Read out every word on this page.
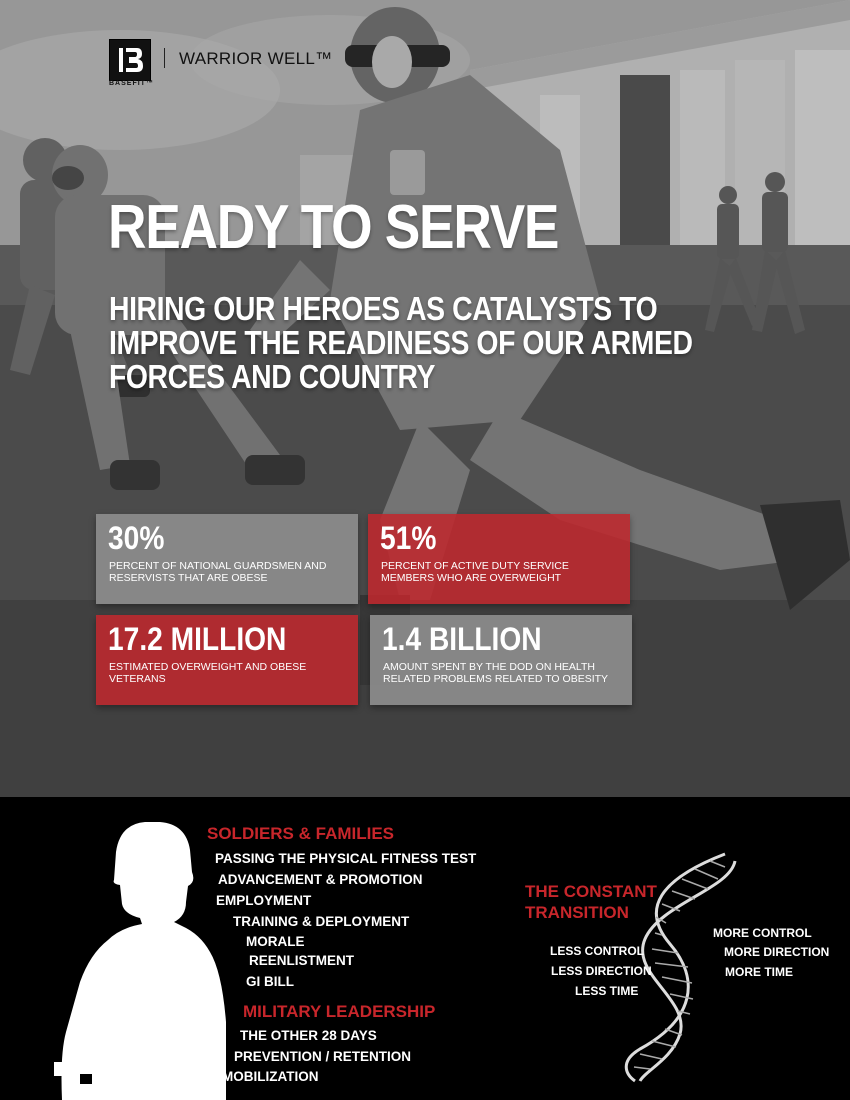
BASEFIT™
WARRIOR WELL™
READY TO SERVE
HIRING OUR HEROES AS CATALYSTS TO
IMPROVE THE READINESS OF OUR ARMED
FORCES AND COUNTRY
30%
PERCENT OF NATIONAL GUARDSMEN AND RESERVISTS THAT ARE OBESE
51%
PERCENT OF ACTIVE DUTY SERVICE MEMBERS WHO ARE OVERWEIGHT
17.2 MILLION
ESTIMATED OVERWEIGHT AND OBESE VETERANS
1.4 BILLION
AMOUNT SPENT BY THE DOD ON HEALTH RELATED PROBLEMS RELATED TO OBESITY
SOLDIERS & FAMILIES
PASSING THE PHYSICAL FITNESS TEST
ADVANCEMENT & PROMOTION
EMPLOYMENT
TRAINING & DEPLOYMENT
MORALE
REENLISTMENT
GI BILL
MILITARY LEADERSHIP
THE OTHER 28 DAYS
PREVENTION / RETENTION
MOBILIZATION
THE CONSTANT
TRANSITION
LESS CONTROL
LESS DIRECTION
LESS TIME
MORE CONTROL
MORE DIRECTION
MORE TIME
